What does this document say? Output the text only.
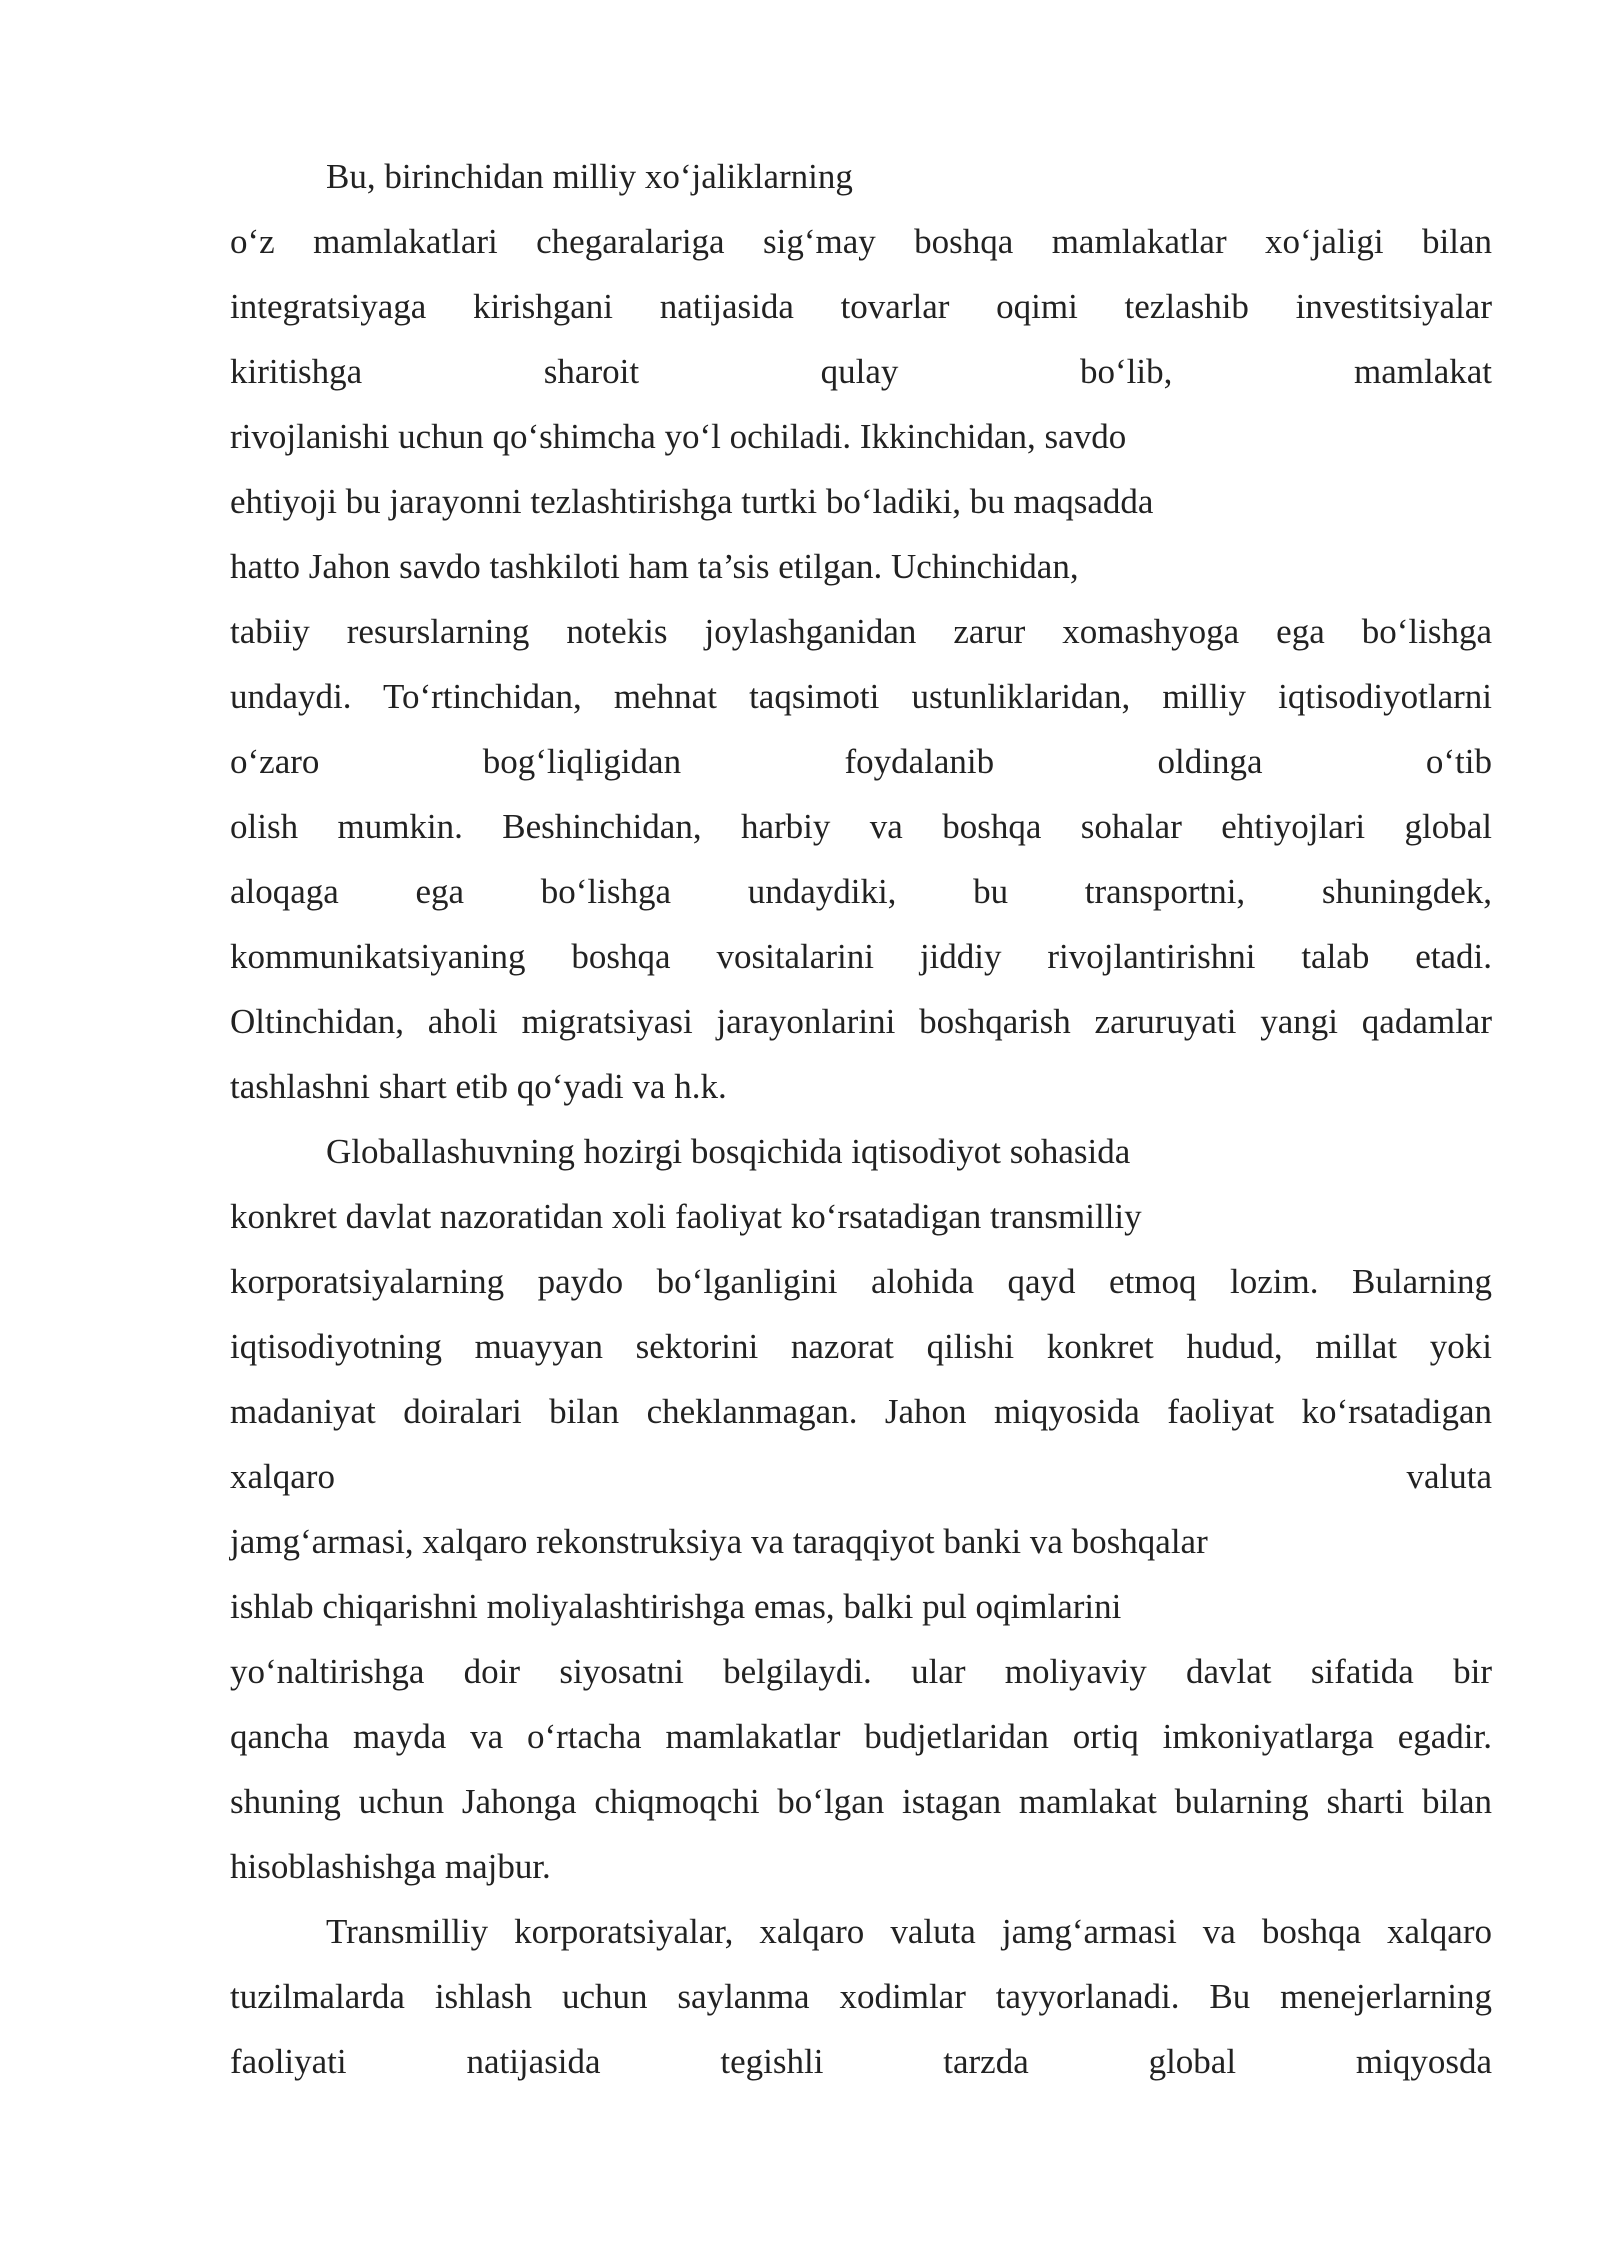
Bu, birinchidan milliy xo‘jaliklarning
o‘z mamlakatlari chegaralariga sig‘may boshqa mamlakatlar xo‘jaligi bilan
integratsiyaga kirishgani natijasida tovarlar oqimi tezlashib investitsiyalar
kiritishga sharoit qulay bo‘lib, mamlakat
rivojlanishi uchun qo‘shimcha yo‘l ochiladi. Ikkinchidan, savdo
ehtiyoji bu jarayonni tezlashtirishga turtki bo‘ladiki, bu maqsadda
hatto Jahon savdo tashkiloti ham ta’sis etilgan. Uchinchidan,
tabiiy resurslarning notekis joylashganidan zarur xomashyoga ega bo‘lishga
undaydi. To‘rtinchidan, mehnat taqsimoti ustunliklaridan, milliy iqtisodiyotlarni
o‘zaro bog‘liqligidan foydalanib oldinga o‘tib
olish mumkin. Beshinchidan, harbiy va boshqa sohalar ehtiyojlari global
aloqaga ega bo‘lishga undaydiki, bu transportni, shuningdek,
kommunikatsiyaning boshqa vositalarini jiddiy rivojlantirishni talab etadi.
Oltinchidan, aholi migratsiyasi jarayonlarini boshqarish zaruruyati yangi qadamlar
tashlashni shart etib qo‘yadi va h.k.
Globallashuvning hozirgi bosqichida iqtisodiyot sohasida
konkret davlat nazoratidan xoli faoliyat ko‘rsatadigan transmilliy
korporatsiyalarning paydo bo‘lganligini alohida qayd etmoq lozim. Bularning
iqtisodiyotning muayyan sektorini nazorat qilishi konkret hudud, millat yoki
madaniyat doiralari bilan cheklanmagan. Jahon miqyosida faoliyat ko‘rsatadigan
xalqaro valuta
jamg‘armasi, xalqaro rekonstruksiya va taraqqiyot banki va boshqalar
ishlab chiqarishni moliyalashtirishga emas, balki pul oqimlarini
yo‘naltirishga doir siyosatni belgilaydi. ular moliyaviy davlat sifatida bir
qancha mayda va o‘rtacha mamlakatlar budjetlaridan ortiq imkoniyatlarga egadir.
shuning uchun Jahonga chiqmoqchi bo‘lgan istagan mamlakat bularning sharti bilan
hisoblashishga majbur.
Transmilliy korporatsiyalar, xalqaro valuta jamg‘armasi va boshqa xalqaro
tuzilmalarda ishlash uchun saylanma xodimlar tayyorlanadi. Bu menejerlarning
faoliyati natijasida tegishli tarzda global miqyosda
